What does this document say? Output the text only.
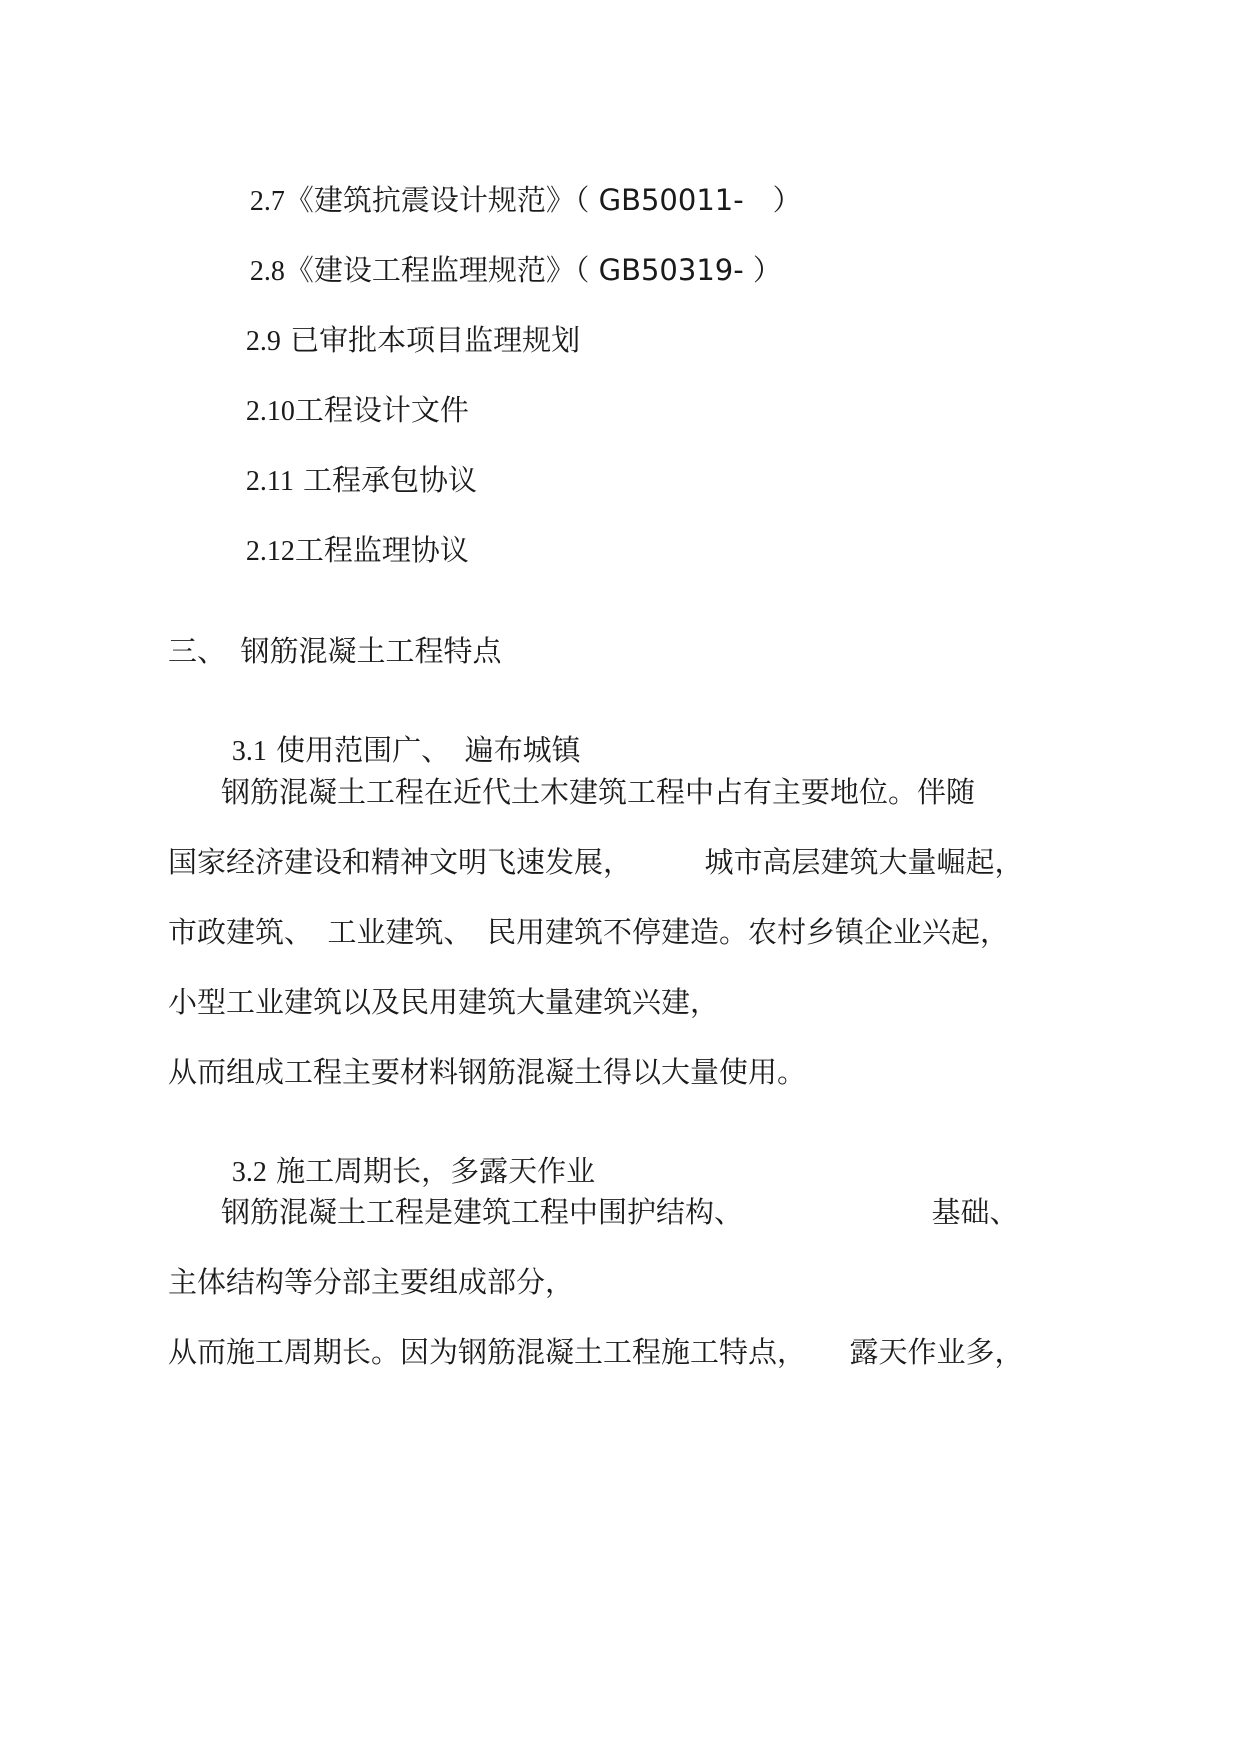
2.7《建筑抗震设计规范》（ GB50011-　）

2.8《建设工程监理规范》（ GB50319- ）

2.9 已审批本项目监理规划

2.10工程设计文件

2.11 工程承包协议

2.12工程监理协议

三、　钢筋混凝土工程特点

3.1 使用范围广、　遍布城镇

钢筋混凝土工程在近代土木建筑工程中占有主要地位。伴随

国家经济建设和精神文明飞速发展，　　　城市高层建筑大量崛起，

市政建筑、　工业建筑、　民用建筑不停建造。农村乡镇企业兴起，

小型工业建筑以及民用建筑大量建筑兴建，

从而组成工程主要材料钢筋混凝土得以大量使用。

3.2 施工周期长，多露天作业

钢筋混凝土工程是建筑工程中围护结构、　　　　　　　基础、

主体结构等分部主要组成部分，

从而施工周期长。因为钢筋混凝土工程施工特点，　　露天作业多，
